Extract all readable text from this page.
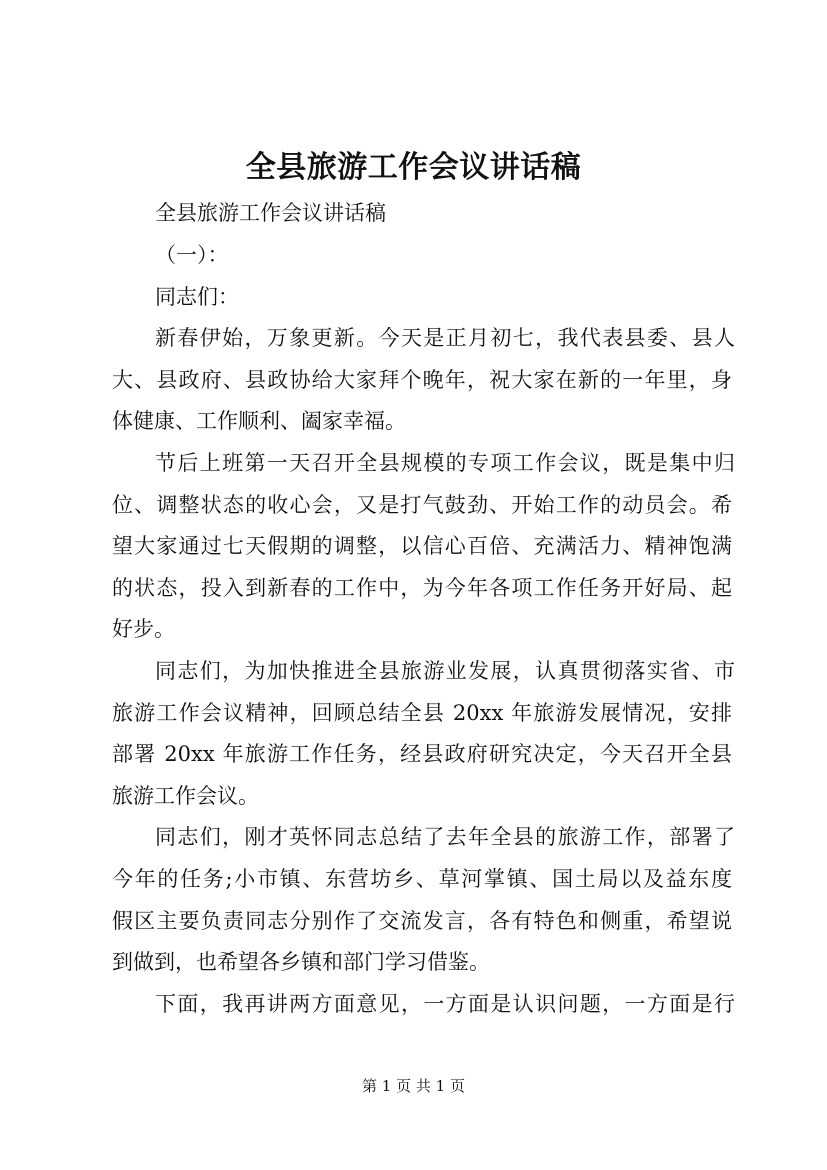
全县旅游工作会议讲话稿

全县旅游工作会议讲话稿

（一）：

同志们：

新春伊始，万象更新。今天是正月初七，我代表县委、县人

大、县政府、县政协给大家拜个晚年，祝大家在新的一年里，身

体健康、工作顺利、阖家幸福。

节后上班第一天召开全县规模的专项工作会议，既是集中归

位、调整状态的收心会，又是打气鼓劲、开始工作的动员会。希

望大家通过七天假期的调整，以信心百倍、充满活力、精神饱满

的状态，投入到新春的工作中，为今年各项工作任务开好局、起

好步。

同志们，为加快推进全县旅游业发展，认真贯彻落实省、市

旅游工作会议精神，回顾总结全县 20xx 年旅游发展情况，安排

部署 20xx 年旅游工作任务，经县政府研究决定，今天召开全县

旅游工作会议。

同志们，刚才英怀同志总结了去年全县的旅游工作，部署了

今年的任务;小市镇、东营坊乡、草河掌镇、国土局以及益东度

假区主要负责同志分别作了交流发言，各有特色和侧重，希望说

到做到，也希望各乡镇和部门学习借鉴。

下面，我再讲两方面意见，一方面是认识问题，一方面是行

第 1 页 共 1 页
